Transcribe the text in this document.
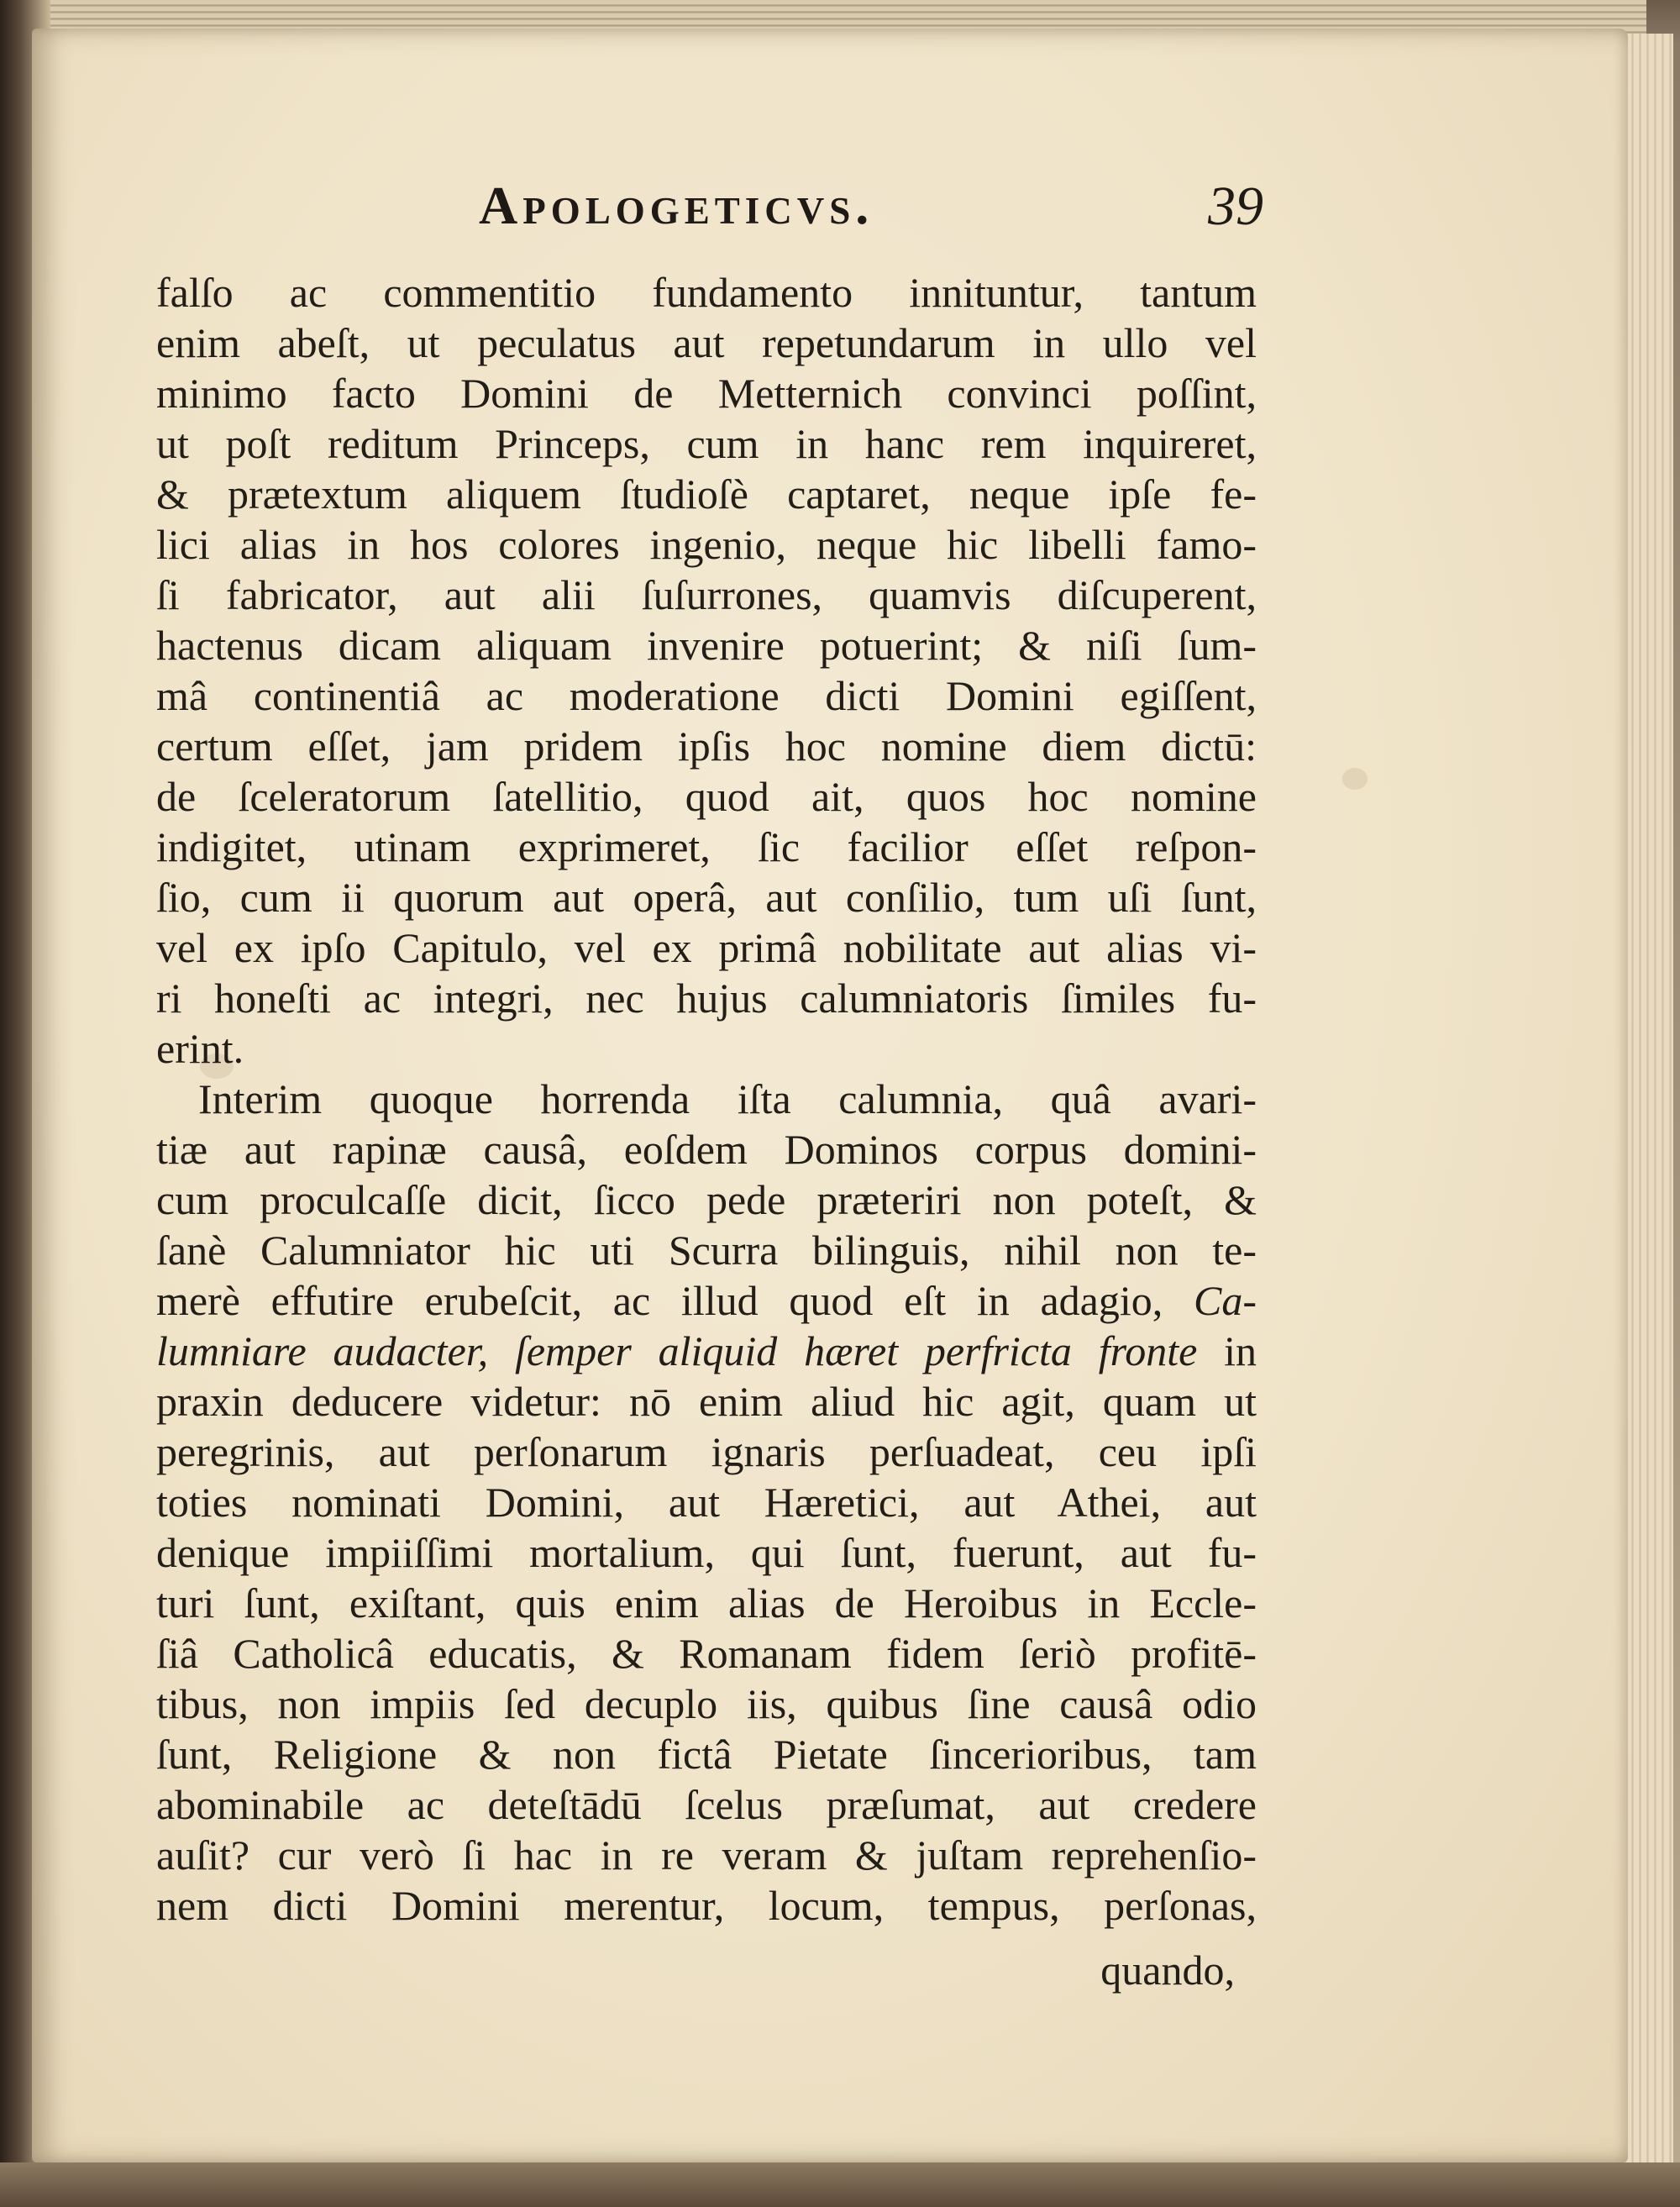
Apologeticvs.	39
falſo ac commentitio fundamento innituntur, tantum
enim abeſt, ut peculatus aut repetundarum in ullo vel
minimo facto Domini de Metternich convinci poſſint,
ut poſt reditum Princeps, cum in hanc rem inquireret,
& prætextum aliquem ſtudioſè captaret, neque ipſe fe-
lici alias in hos colores ingenio, neque hic libelli famo-
ſi fabricator, aut alii ſuſurrones, quamvis diſcuperent,
hactenus dicam aliquam invenire potuerint; & niſi ſum-
mâ continentiâ ac moderatione dicti Domini egiſſent,
certum eſſet, jam pridem ipſis hoc nomine diem dictū:
de ſceleratorum ſatellitio, quod ait, quos hoc nomine
indigitet, utinam exprimeret, ſic facilior eſſet reſpon-
ſio, cum ii quorum aut operâ, aut conſilio, tum uſi ſunt,
vel ex ipſo Capitulo, vel ex primâ nobilitate aut alias vi-
ri honeſti ac integri, nec hujus calumniatoris ſimiles fu-
erint.
Interim quoque horrenda iſta calumnia, quâ avari-
tiæ aut rapinæ causâ, eoſdem Dominos corpus domini-
cum proculcaſſe dicit, ſicco pede præteriri non poteſt, &
ſanè Calumniator hic uti Scurra bilinguis, nihil non te-
merè effutire erubeſcit, ac illud quod eſt in adagio, Ca-
lumniare audacter, ſemper aliquid hæret perfricta fronte in
praxin deducere videtur: nō enim aliud hic agit, quam ut
peregrinis, aut perſonarum ignaris perſuadeat, ceu ipſi
toties nominati Domini, aut Hæretici, aut Athei, aut
denique impiiſſimi mortalium, qui ſunt, fuerunt, aut fu-
turi ſunt, exiſtant, quis enim alias de Heroibus in Eccle-
ſiâ Catholicâ educatis, & Romanam fidem ſeriò profitē-
tibus, non impiis ſed decuplo iis, quibus ſine causâ odio
ſunt, Religione & non fictâ Pietate ſincerioribus, tam
abominabile ac deteſtādū ſcelus præſumat, aut credere
auſit? cur verò ſi hac in re veram & juſtam reprehenſio-
nem dicti Domini merentur, locum, tempus, perſonas,
quando,
